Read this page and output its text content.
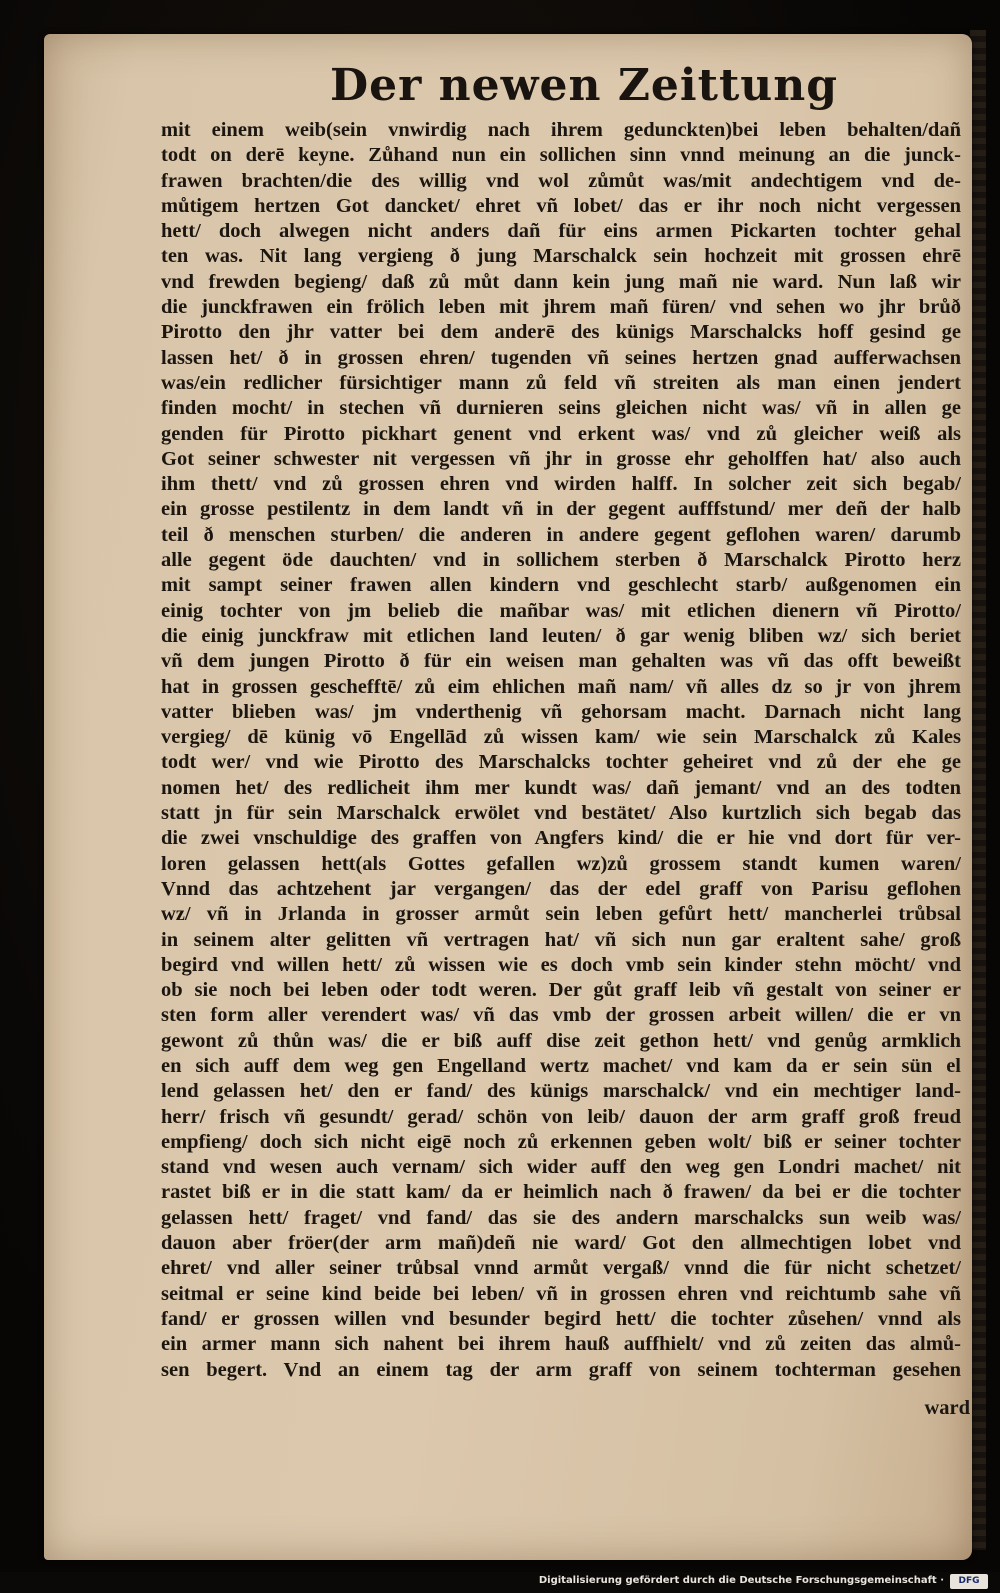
Der newen Zeittung
mit einem weib(sein vnwirdig nach ihrem gedunckten)bei leben behalten/dañ
todt on derē keyne. Zůhand nun ein sollichen sinn vnnd meinung an die junck-
frawen brachten/die des willig vnd wol zůmůt was/mit andechtigem vnd de-
můtigem hertzen Got dancket/ ehret vñ lobet/ das er ihr noch nicht vergessen
hett/ doch alwegen nicht anders dañ für eins armen Pickarten tochter gehal
ten was. Nit lang vergieng ð jung Marschalck sein hochzeit mit grossen ehrē
vnd frewden begieng/ daß zů můt dann kein jung mañ nie ward. Nun laß wir
die junckfrawen ein frölich leben mit jhrem mañ füren/ vnd sehen wo jhr brůð
Pirotto den jhr vatter bei dem anderē des künigs Marschalcks hoff gesind ge
lassen het/ ð in grossen ehren/ tugenden vñ seines hertzen gnad aufferwachsen
was/ein redlicher fürsichtiger mann zů feld vñ streiten als man einen jendert
finden mocht/ in stechen vñ durnieren seins gleichen nicht was/ vñ in allen ge
genden für Pirotto pickhart genent vnd erkent was/ vnd zů gleicher weiß als
Got seiner schwester nit vergessen vñ jhr in grosse ehr geholffen hat/ also auch
ihm thett/ vnd zů grossen ehren vnd wirden halff. In solcher zeit sich begab/
ein grosse pestilentz in dem landt vñ in der gegent aufffstund/ mer deñ der halb
teil ð menschen sturben/ die anderen in andere gegent geflohen waren/ darumb
alle gegent öde dauchten/ vnd in sollichem sterben ð Marschalck Pirotto herz
mit sampt seiner frawen allen kindern vnd geschlecht starb/ außgenomen ein
einig tochter von jm belieb die mañbar was/ mit etlichen dienern vñ Pirotto/
die einig junckfraw mit etlichen land leuten/ ð gar wenig bliben wz/ sich beriet
vñ dem jungen Pirotto ð für ein weisen man gehalten was vñ das offt beweißt
hat in grossen geschefftē/ zů eim ehlichen mañ nam/ vñ alles dz so jr von jhrem
vatter blieben was/ jm vnderthenig vñ gehorsam macht. Darnach nicht lang
vergieg/ dē künig vō Engellād zů wissen kam/ wie sein Marschalck zů Kales
todt wer/ vnd wie Pirotto des Marschalcks tochter geheiret vnd zů der ehe ge
nomen het/ des redlicheit ihm mer kundt was/ dañ jemant/ vnd an des todten
statt jn für sein Marschalck erwölet vnd bestätet/ Also kurtzlich sich begab das
die zwei vnschuldige des graffen von Angfers kind/ die er hie vnd dort für ver-
loren gelassen hett(als Gottes gefallen wz)zů grossem standt kumen waren/
Vnnd das achtzehent jar vergangen/ das der edel graff von Parisu geflohen
wz/ vñ in Jrlanda in grosser armůt sein leben gefůrt hett/ mancherlei trůbsal
in seinem alter gelitten vñ vertragen hat/ vñ sich nun gar eraltent sahe/ groß
begird vnd willen hett/ zů wissen wie es doch vmb sein kinder stehn möcht/ vnd
ob sie noch bei leben oder todt weren. Der gůt graff leib vñ gestalt von seiner er
sten form aller verendert was/ vñ das vmb der grossen arbeit willen/ die er vn
gewont zů thůn was/ die er biß auff dise zeit gethon hett/ vnd genůg armklich
en sich auff dem weg gen Engelland wertz machet/ vnd kam da er sein sün el
lend gelassen het/ den er fand/ des künigs marschalck/ vnd ein mechtiger land-
herr/ frisch vñ gesundt/ gerad/ schön von leib/ dauon der arm graff groß freud
empfieng/ doch sich nicht eigē noch zů erkennen geben wolt/ biß er seiner tochter
stand vnd wesen auch vernam/ sich wider auff den weg gen Londri machet/ nit
rastet biß er in die statt kam/ da er heimlich nach ð frawen/ da bei er die tochter
gelassen hett/ fraget/ vnd fand/ das sie des andern marschalcks sun weib was/
dauon aber fröer(der arm mañ)deñ nie ward/ Got den allmechtigen lobet vnd
ehret/ vnd aller seiner trůbsal vnnd armůt vergaß/ vnnd die für nicht schetzet/
seitmal er seine kind beide bei leben/ vñ in grossen ehren vnd reichtumb sahe vñ
fand/ er grossen willen vnd besunder begird hett/ die tochter zůsehen/ vnnd als
ein armer mann sich nahent bei ihrem hauß auffhielt/ vnd zů zeiten das almů-
sen begert. Vnd an einem tag der arm graff von seinem tochterman gesehen
ward
Digitalisierung gefördert durch die Deutsche Forschungsgemeinschaft ·	DFG
